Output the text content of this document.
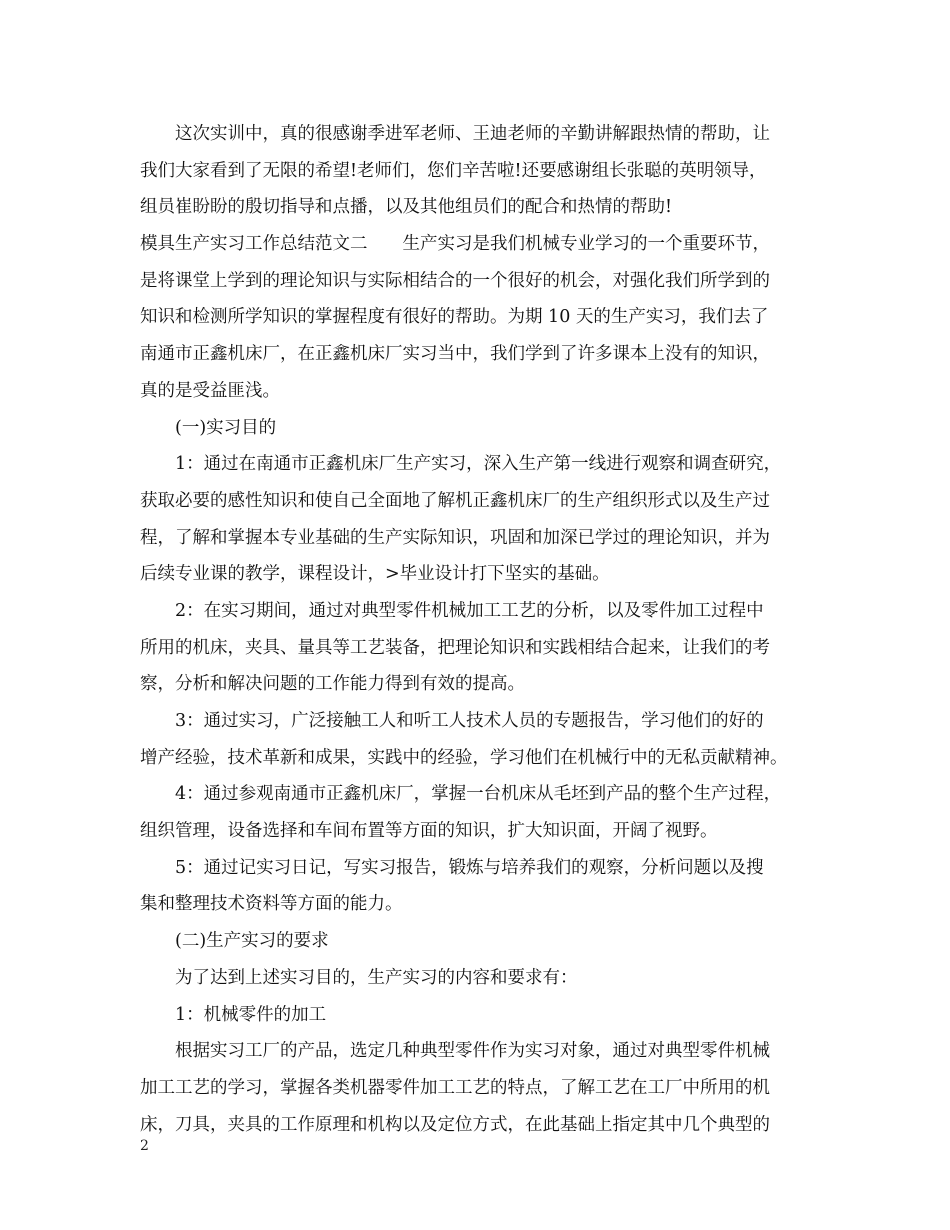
这次实训中，真的很感谢季进军老师、王迪老师的辛勤讲解跟热情的帮助，让
我们大家看到了无限的希望!老师们，您们辛苦啦!还要感谢组长张聪的英明领导，
组员崔盼盼的殷切指导和点播，以及其他组员们的配合和热情的帮助!
模具生产实习工作总结范文二　　生产实习是我们机械专业学习的一个重要环节，
是将课堂上学到的理论知识与实际相结合的一个很好的机会，对强化我们所学到的
知识和检测所学知识的掌握程度有很好的帮助。为期 10 天的生产实习，我们去了
南通市正鑫机床厂，在正鑫机床厂实习当中，我们学到了许多课本上没有的知识，
真的是受益匪浅。
(一)实习目的
1：通过在南通市正鑫机床厂生产实习，深入生产第一线进行观察和调查研究，
获取必要的感性知识和使自己全面地了解机正鑫机床厂的生产组织形式以及生产过
程，了解和掌握本专业基础的生产实际知识，巩固和加深已学过的理论知识，并为
后续专业课的教学，课程设计，>毕业设计打下坚实的基础。
2：在实习期间，通过对典型零件机械加工工艺的分析，以及零件加工过程中
所用的机床，夹具、量具等工艺装备，把理论知识和实践相结合起来，让我们的考
察，分析和解决问题的工作能力得到有效的提高。
3：通过实习，广泛接触工人和听工人技术人员的专题报告，学习他们的好的
增产经验，技术革新和成果，实践中的经验，学习他们在机械行中的无私贡献精神。
4：通过参观南通市正鑫机床厂，掌握一台机床从毛坯到产品的整个生产过程，
组织管理，设备选择和车间布置等方面的知识，扩大知识面，开阔了视野。
5：通过记实习日记，写实习报告，锻炼与培养我们的观察，分析问题以及搜
集和整理技术资料等方面的能力。
(二)生产实习的要求
为了达到上述实习目的，生产实习的内容和要求有：
1：机械零件的加工
根据实习工厂的产品，选定几种典型零件作为实习对象，通过对典型零件机械
加工工艺的学习，掌握各类机器零件加工工艺的特点，了解工艺在工厂中所用的机
床，刀具，夹具的工作原理和机构以及定位方式，在此基础上指定其中几个典型的
2
